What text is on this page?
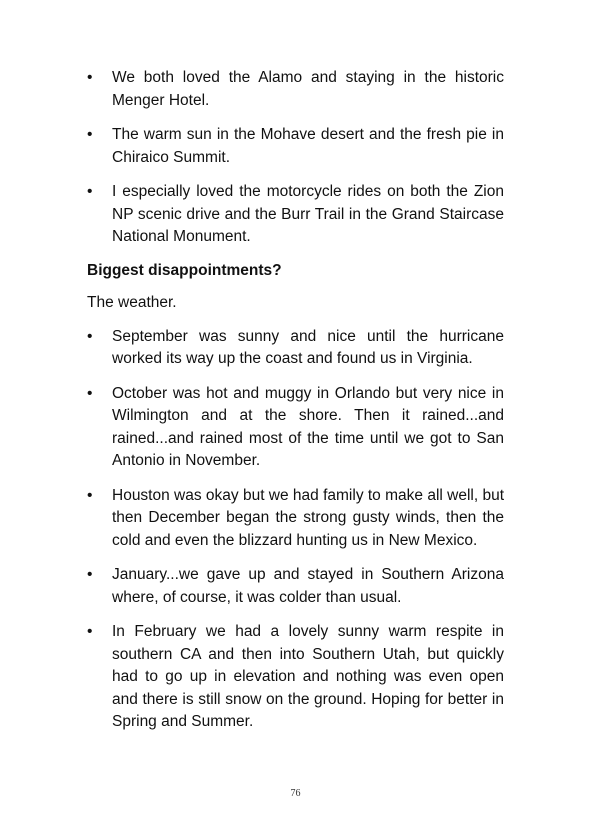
•	We both loved the Alamo and staying in the historic Menger Hotel.
•	The warm sun in the Mohave desert and the fresh pie in Chiraico Summit.
•	I especially loved the motorcycle rides on both the Zion NP scenic drive and the Burr Trail in the Grand Staircase National Monument.
Biggest disappointments?
The weather.
•	September was sunny and nice until the hurricane worked its way up the coast and found us in Virginia.
•	October was hot and muggy in Orlando but very nice in Wilmington and at the shore. Then it rained...and rained...and rained most of the time until we got to San Antonio in November.
•	Houston was okay but we had family to make all well, but then December began the strong gusty winds, then the cold and even the blizzard hunting us in New Mexico.
•	January...we gave up and stayed in Southern Arizona where, of course, it was colder than usual.
•	In February we had a lovely sunny warm respite in southern CA and then into Southern Utah, but quickly had to go up in elevation and nothing was even open and there is still snow on the ground. Hoping for better in Spring and Summer.
76
